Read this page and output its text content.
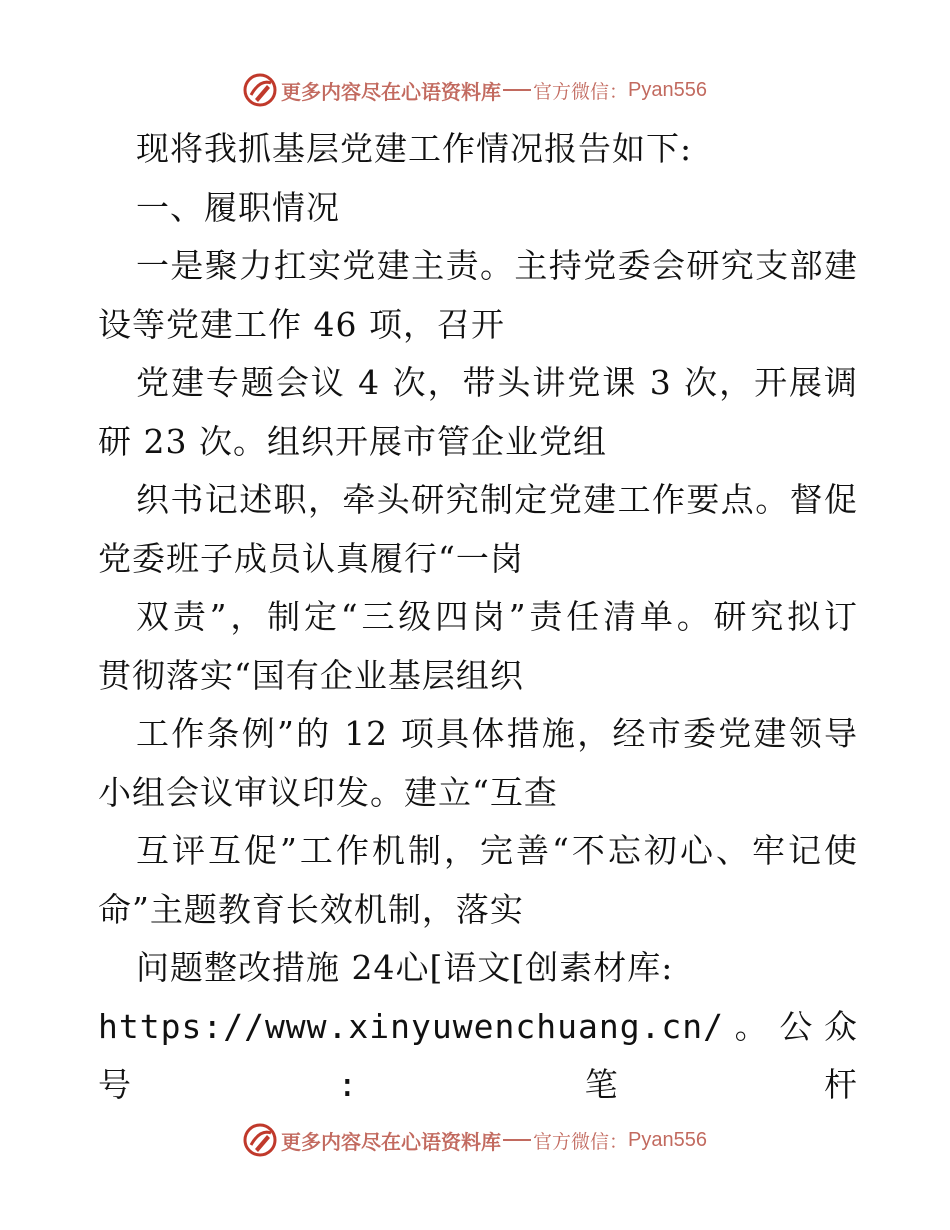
更多内容尽在心语资料库 官方微信： Pyan556
现将我抓基层党建工作情况报告如下:
一、履职情况
一是聚力扛实党建主责。主持党委会研究支部建
设等党建工作 46 项，召开
党建专题会议 4 次，带头讲党课 3 次，开展调
研 23 次。组织开展市管企业党组
织书记述职，牵头研究制定党建工作要点。督促
党委班子成员认真履行“一岗
双责”，制定“三级四岗”责任清单。研究拟订
贯彻落实“国有企业基层组织
工作条例”的 12 项具体措施，经市委党建领导
小组会议审议印发。建立“互查
互评互促”工作机制，完善“不忘初心、牢记使
命”主题教育长效机制，落实
问题整改措施 24心[语文[创素材库:
https://www.xinyuwenchuang.cn/。公众号: 笔杆
更多内容尽在心语资料库 官方微信： Pyan556
